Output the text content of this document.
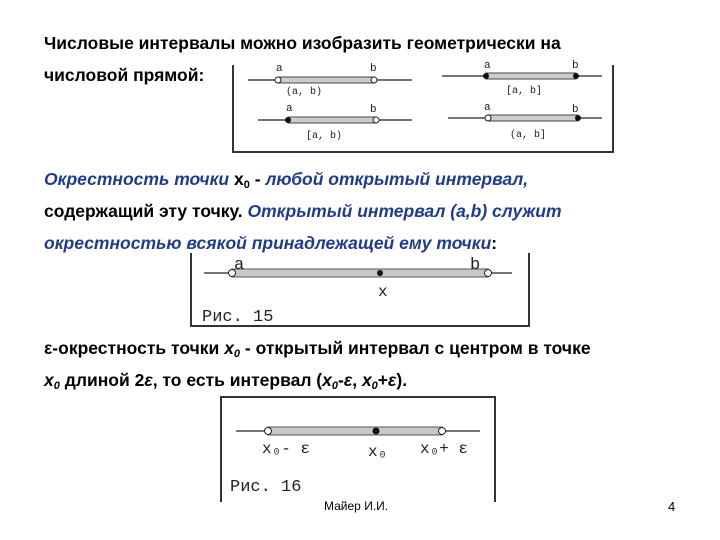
Числовые интервалы можно изобразить геометрически на
числовой прямой:	a	b
(a, b)
a	b
[a, b]
a	b
[a, b)
a	b
(a, b]
Окрестность точки $x_0$ - любой открытый интервал,
содержащий эту точку. Открытый интервал (a,b) служит
окрестностью всякой принадлежащей ему точки:
a	b
x
Рис. 15
ε-окрестность точки $x_0$ - открытый интервал с центром в точке
$x_0$ длиной 2ε, то есть интервал ($x_0-\varepsilon$, $x_0+\varepsilon$).
x₀- ε	x₀ x₀+ ε
Рис. 16
Майер И.И.	4
